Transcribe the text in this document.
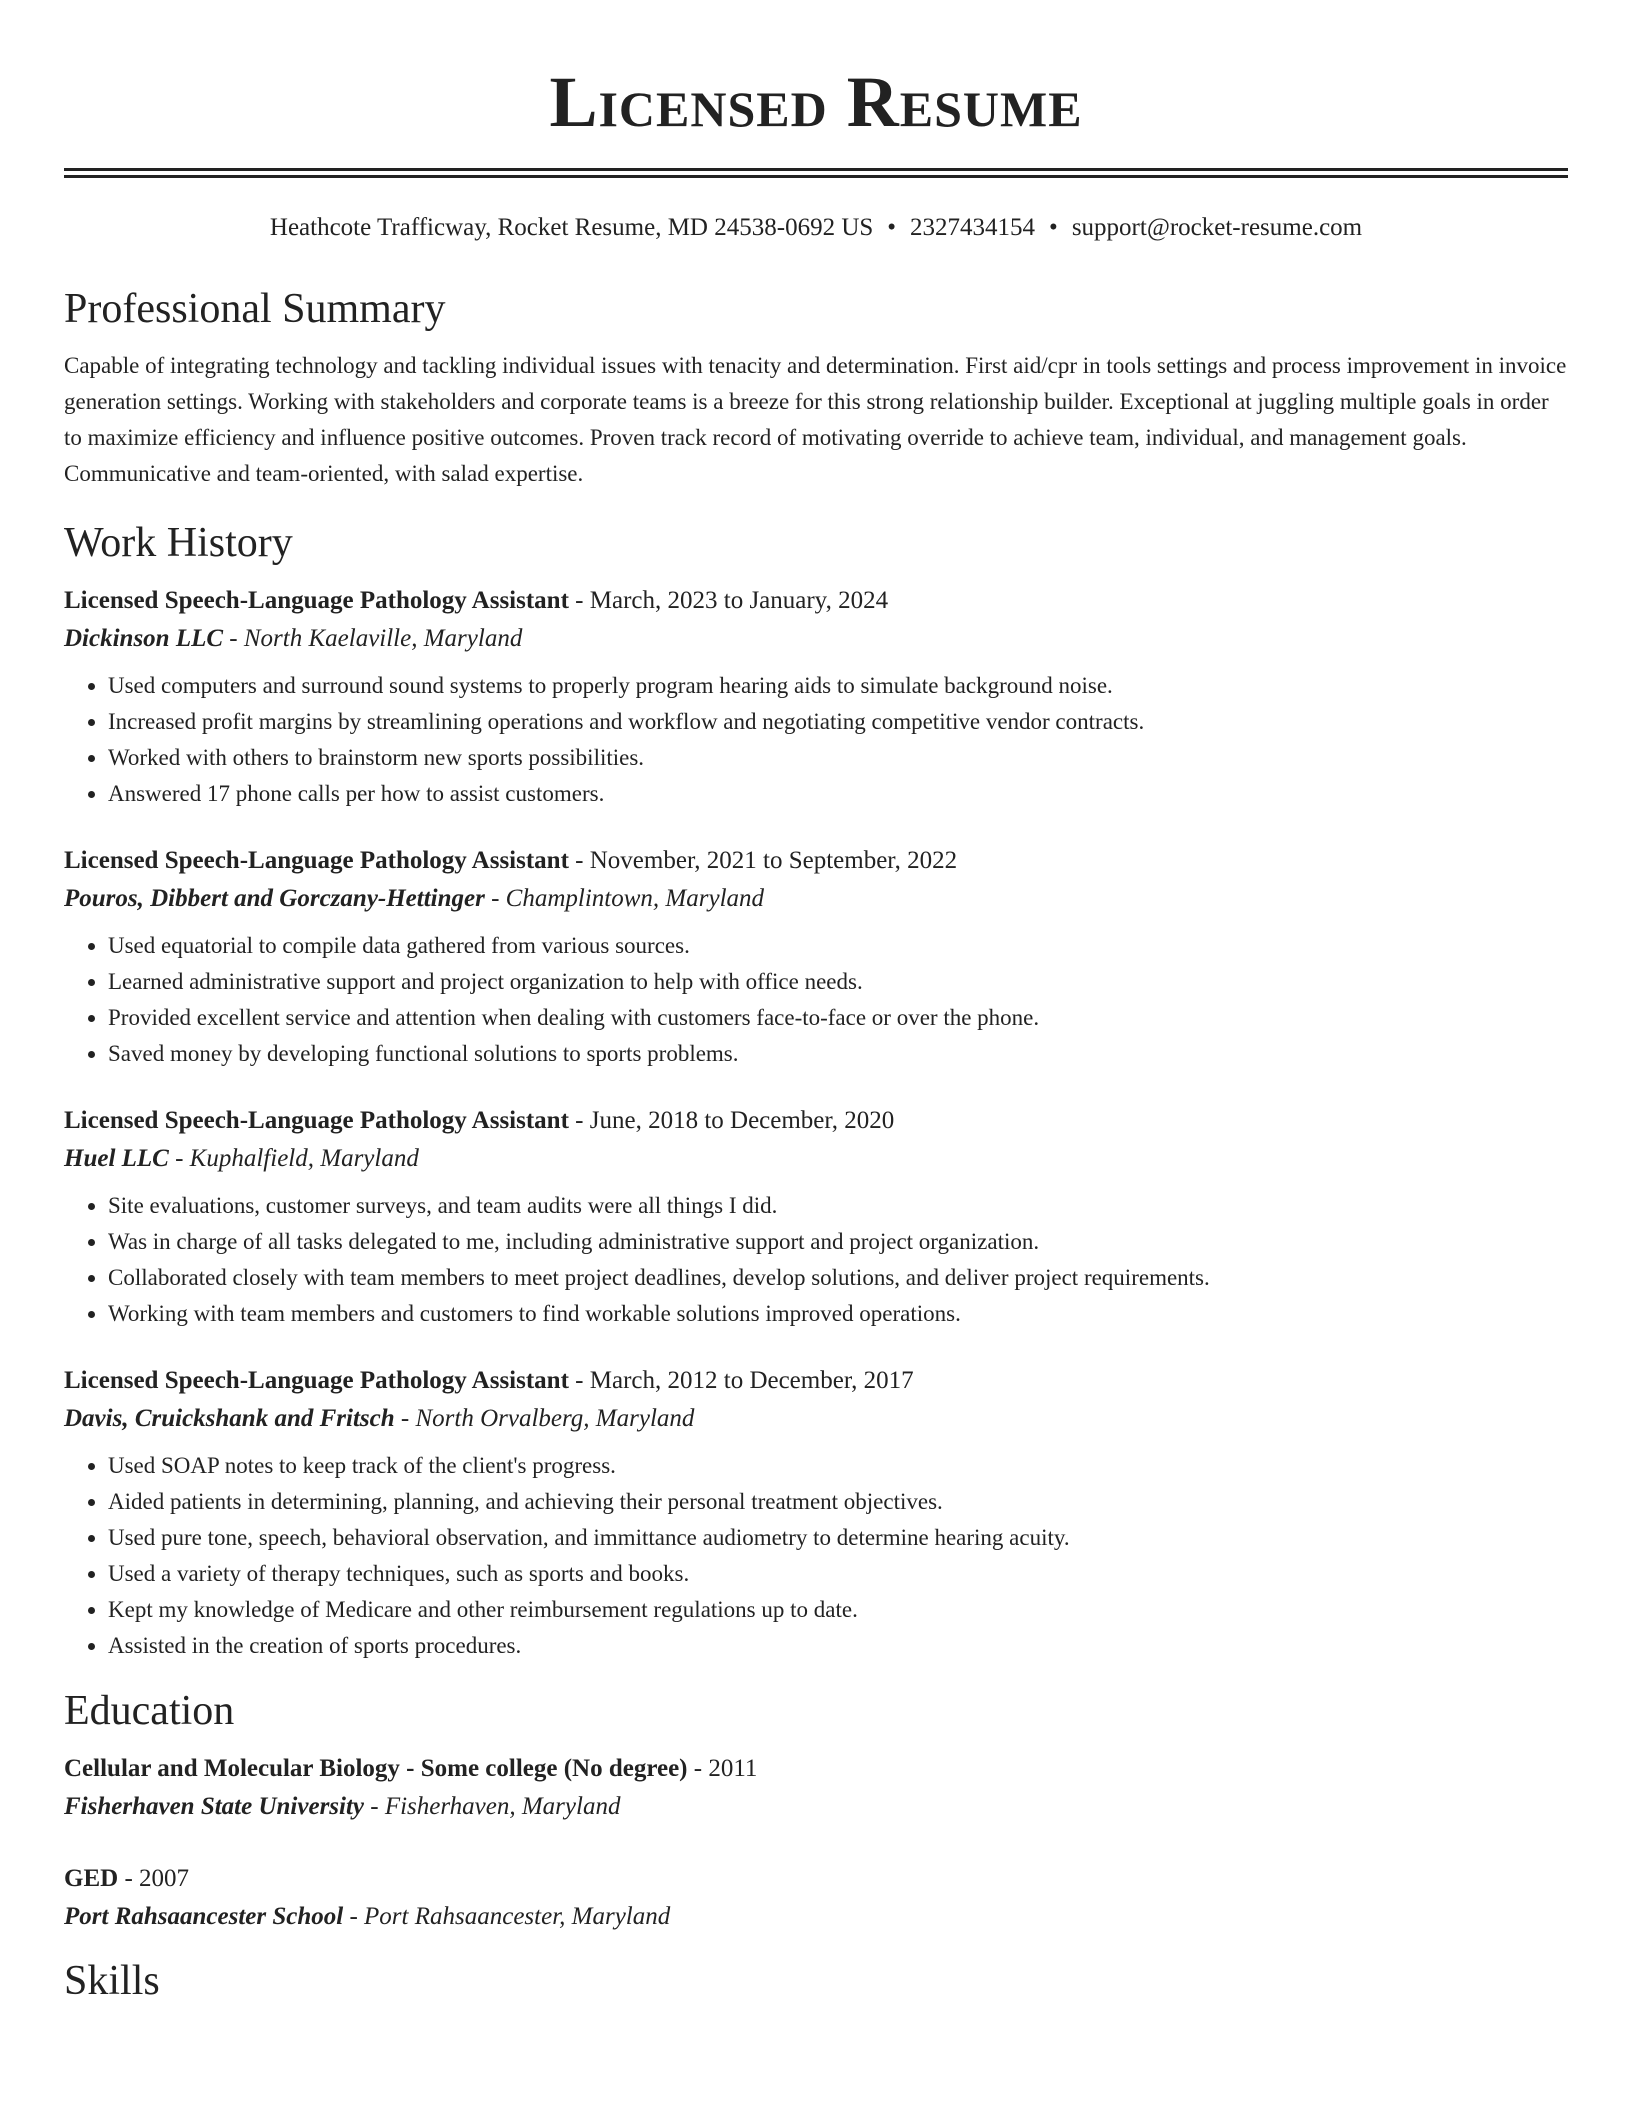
Licensed Resume
Heathcote Trafficway, Rocket Resume, MD 24538-0692 US • 2327434154 • support@rocket-resume.com
Professional Summary
Capable of integrating technology and tackling individual issues with tenacity and determination. First aid/cpr in tools settings and process improvement in invoice generation settings. Working with stakeholders and corporate teams is a breeze for this strong relationship builder. Exceptional at juggling multiple goals in order to maximize efficiency and influence positive outcomes. Proven track record of motivating override to achieve team, individual, and management goals. Communicative and team-oriented, with salad expertise.
Work History
Licensed Speech-Language Pathology Assistant - March, 2023 to January, 2024
Dickinson LLC - North Kaelaville, Maryland
• Used computers and surround sound systems to properly program hearing aids to simulate background noise.
• Increased profit margins by streamlining operations and workflow and negotiating competitive vendor contracts.
• Worked with others to brainstorm new sports possibilities.
• Answered 17 phone calls per how to assist customers.
Licensed Speech-Language Pathology Assistant - November, 2021 to September, 2022
Pouros, Dibbert and Gorczany-Hettinger - Champlintown, Maryland
• Used equatorial to compile data gathered from various sources.
• Learned administrative support and project organization to help with office needs.
• Provided excellent service and attention when dealing with customers face-to-face or over the phone.
• Saved money by developing functional solutions to sports problems.
Licensed Speech-Language Pathology Assistant - June, 2018 to December, 2020
Huel LLC - Kuphalfield, Maryland
• Site evaluations, customer surveys, and team audits were all things I did.
• Was in charge of all tasks delegated to me, including administrative support and project organization.
• Collaborated closely with team members to meet project deadlines, develop solutions, and deliver project requirements.
• Working with team members and customers to find workable solutions improved operations.
Licensed Speech-Language Pathology Assistant - March, 2012 to December, 2017
Davis, Cruickshank and Fritsch - North Orvalberg, Maryland
• Used SOAP notes to keep track of the client's progress.
• Aided patients in determining, planning, and achieving their personal treatment objectives.
• Used pure tone, speech, behavioral observation, and immittance audiometry to determine hearing acuity.
• Used a variety of therapy techniques, such as sports and books.
• Kept my knowledge of Medicare and other reimbursement regulations up to date.
• Assisted in the creation of sports procedures.
Education
Cellular and Molecular Biology - Some college (No degree) - 2011
Fisherhaven State University - Fisherhaven, Maryland
GED - 2007
Port Rahsaancester School - Port Rahsaancester, Maryland
Skills
